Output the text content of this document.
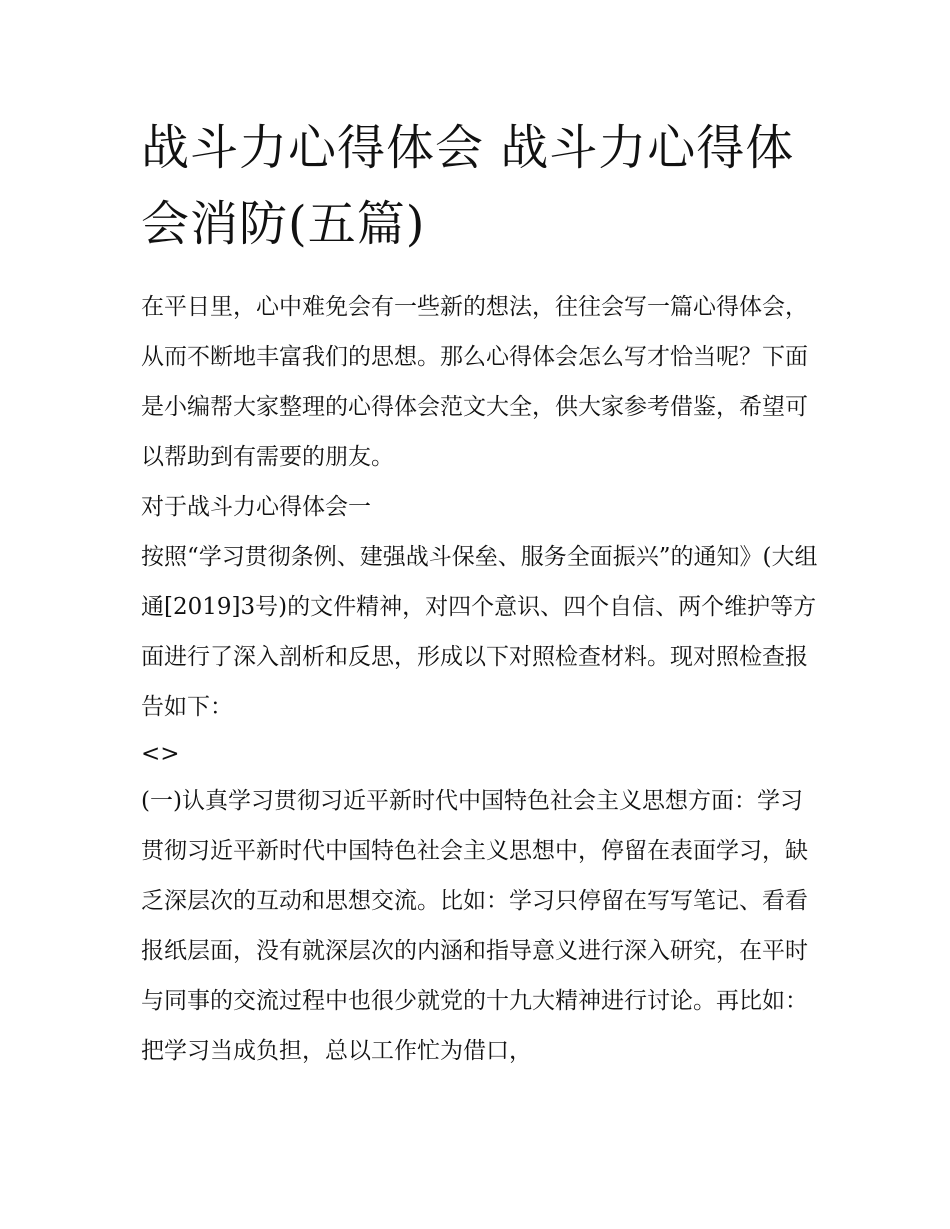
战斗力心得体会 战斗力心得体会消防(五篇)

在平日里，心中难免会有一些新的想法，往往会写一篇心得体会，从而不断地丰富我们的思想。那么心得体会怎么写才恰当呢？下面是小编帮大家整理的心得体会范文大全，供大家参考借鉴，希望可以帮助到有需要的朋友。

对于战斗力心得体会一

按照“学习贯彻条例、建强战斗保垒、服务全面振兴”的通知》(大组通[2019]3号)的文件精神，对四个意识、四个自信、两个维护等方面进行了深入剖析和反思，形成以下对照检查材料。现对照检查报告如下：

<>

(一)认真学习贯彻习近平新时代中国特色社会主义思想方面：学习贯彻习近平新时代中国特色社会主义思想中，停留在表面学习，缺乏深层次的互动和思想交流。比如：学习只停留在写写笔记、看看报纸层面，没有就深层次的内涵和指导意义进行深入研究，在平时与同事的交流过程中也很少就党的十九大精神进行讨论。再比如：把学习当成负担，总以工作忙为借口，
